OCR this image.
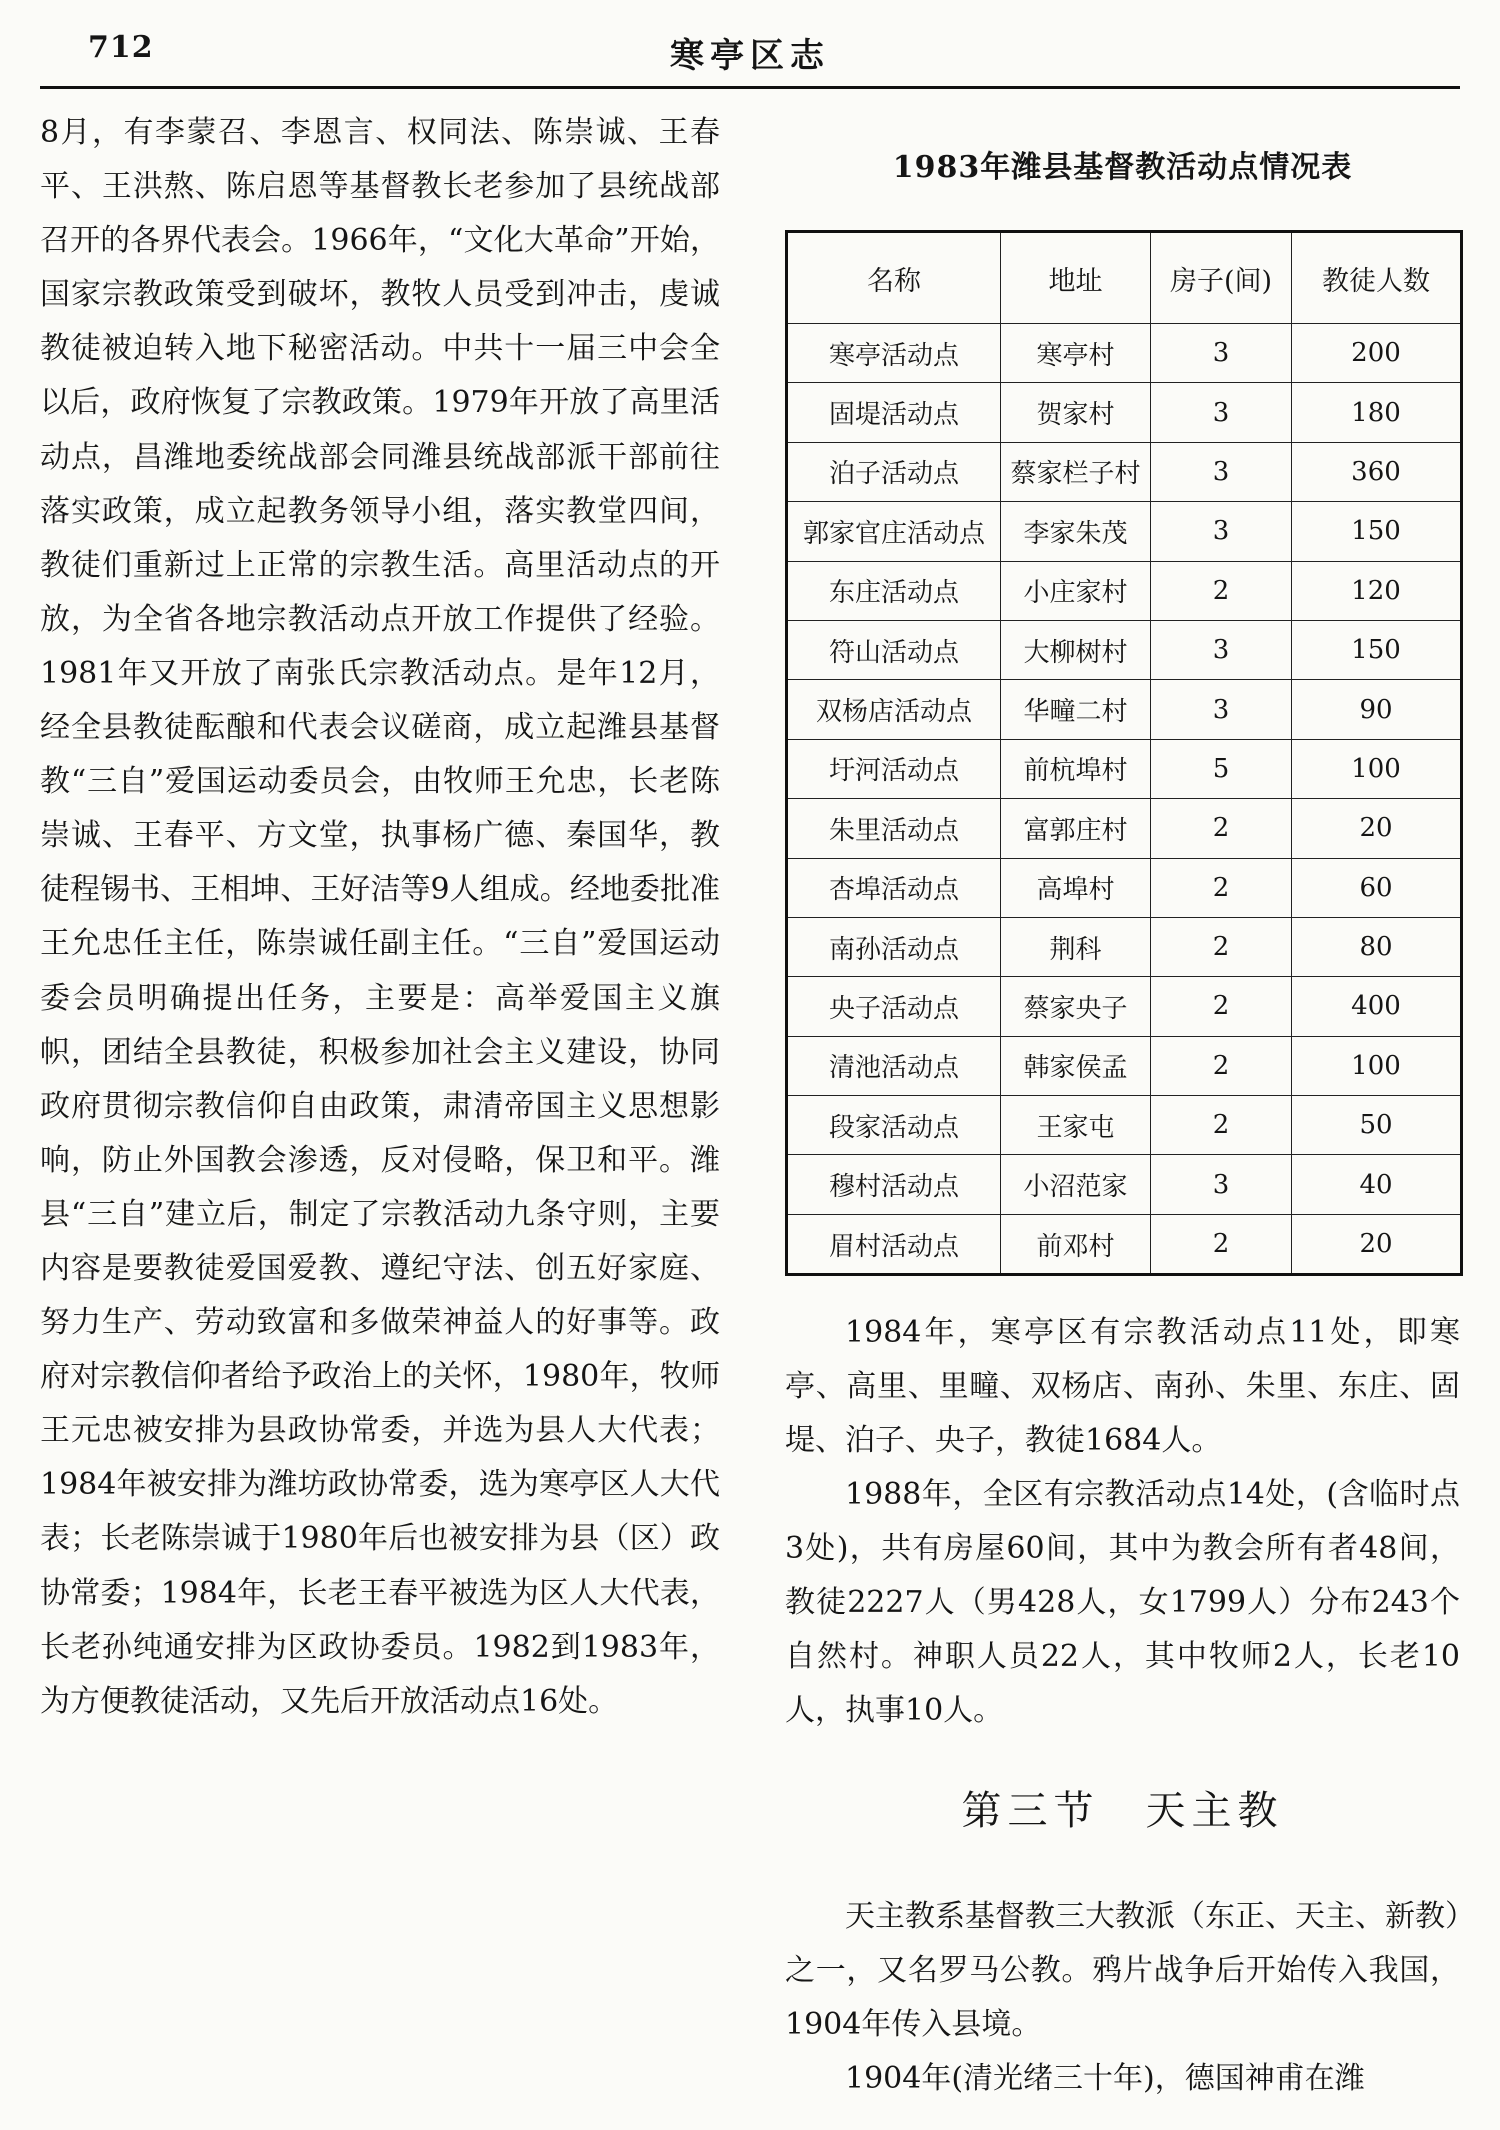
712	寒亭区志

8月，有李蒙召、李恩言、权同法、陈崇诚、王春平、王洪熬、陈启恩等基督教长老参加了县统战部召开的各界代表会。1966年，“文化大革命”开始，国家宗教政策受到破坏，教牧人员受到冲击，虔诚教徒被迫转入地下秘密活动。中共十一届三中会全以后，政府恢复了宗教政策。1979年开放了高里活动点，昌潍地委统战部会同潍县统战部派干部前往落实政策，成立起教务领导小组，落实教堂四间，教徒们重新过上正常的宗教生活。高里活动点的开放，为全省各地宗教活动点开放工作提供了经验。1981年又开放了南张氏宗教活动点。是年12月，经全县教徒酝酿和代表会议磋商，成立起潍县基督教“三自”爱国运动委员会，由牧师王允忠，长老陈崇诚、王春平、方文堂，执事杨广德、秦国华，教徒程锡书、王相坤、王好洁等9人组成。经地委批准王允忠任主任，陈崇诚任副主任。“三自”爱国运动委会员明确提出任务，主要是：高举爱国主义旗帜，团结全县教徒，积极参加社会主义建设，协同政府贯彻宗教信仰自由政策，肃清帝国主义思想影响，防止外国教会渗透，反对侵略，保卫和平。潍县“三自”建立后，制定了宗教活动九条守则，主要内容是要教徒爱国爱教、遵纪守法、创五好家庭、努力生产、劳动致富和多做荣神益人的好事等。政府对宗教信仰者给予政治上的关怀，1980年，牧师王元忠被安排为县政协常委，并选为县人大代表；1984年被安排为潍坊政协常委，选为寒亭区人大代表；长老陈崇诚于1980年后也被安排为县（区）政协常委；1984年，长老王春平被选为区人大代表，长老孙纯通安排为区政协委员。1982到1983年，为方便教徒活动，又先后开放活动点16处。

1983年潍县基督教活动点情况表
名称	地址	房子(间)	教徒人数
寒亭活动点	寒亭村	3	200
固堤活动点	贺家村	3	180
泊子活动点	蔡家栏子村	3	360
郭家官庄活动点	李家朱茂	3	150
东庄活动点	小庄家村	2	120
符山活动点	大柳树村	3	150
双杨店活动点	华疃二村	3	90
圩河活动点	前杭埠村	5	100
朱里活动点	富郭庄村	2	20
杏埠活动点	高埠村	2	60
南孙活动点	荆科	2	80
央子活动点	蔡家央子	2	400
清池活动点	韩家侯孟	2	100
段家活动点	王家屯	2	50
穆村活动点	小沼范家	3	40
眉村活动点	前邓村	2	20

1984年，寒亭区有宗教活动点11处，即寒亭、高里、里疃、双杨店、南孙、朱里、东庄、固堤、泊子、央子，教徒1684人。

1988年，全区有宗教活动点14处，(含临时点3处)，共有房屋60间，其中为教会所有者48间，教徒2227人（男428人，女1799人）分布243个自然村。神职人员22人，其中牧师2人，长老10人，执事10人。

第三节　天主教

天主教系基督教三大教派（东正、天主、新教）之一，又名罗马公教。鸦片战争后开始传入我国，1904年传入县境。

1904年(清光绪三十年)，德国神甫在潍
